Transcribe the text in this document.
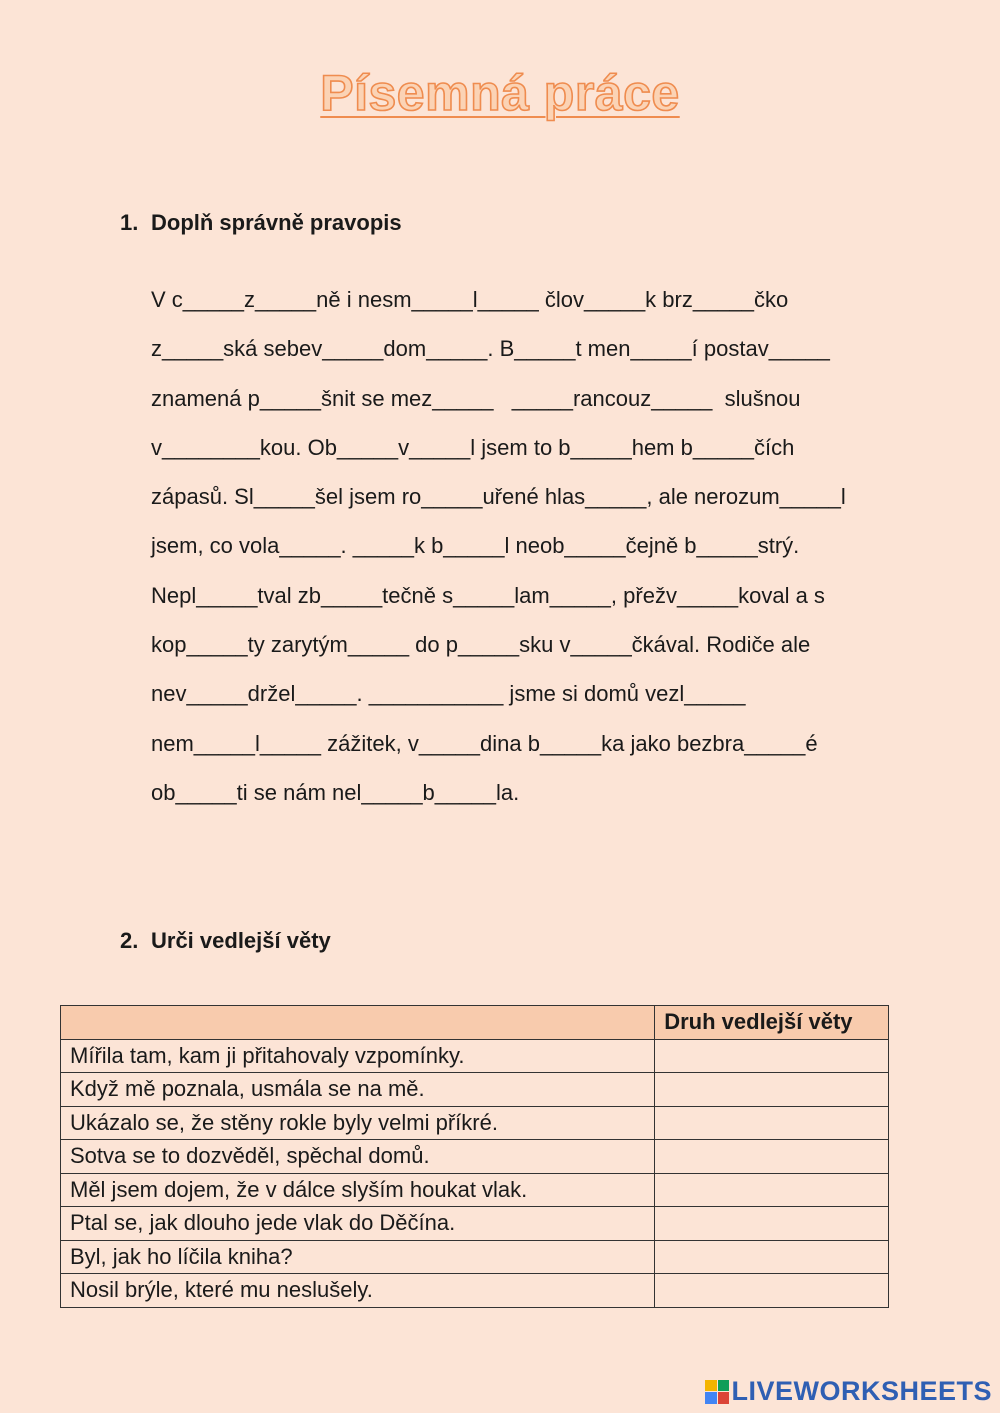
Písemná práce
1. Doplň správně pravopis
V c_____z_____ně i nesm_____l_____ člov_____k brz_____čko
z_____ská sebev_____dom_____. B_____t men_____í postav_____
znamená p_____šnit se mez_____   _____rancouz_____  slušnou
v________kou. Ob_____v_____l jsem to b_____hem b_____čích
zápasů. Sl_____šel jsem ro_____uřené hlas_____, ale nerozum_____l
jsem, co vola_____. _____k b_____l neob_____čejně b_____strý.
Nepl_____tval zb_____tečně s_____lam_____, přežv_____koval a s
kop_____ty zarytým_____ do p_____sku v_____čkával. Rodiče ale
nev_____držel_____. ___________ jsme si domů vezl_____
nem_____l_____ zážitek, v_____dina b_____ka jako bezbra_____é
ob_____ti se nám nel_____b_____la.
2. Urči vedlejší věty
	Druh vedlejší věty
Mířila tam, kam ji přitahovaly vzpomínky.	
Když mě poznala, usmála se na mě.	
Ukázalo se, že stěny rokle byly velmi příkré.	
Sotva se to dozvěděl, spěchal domů.	
Měl jsem dojem, že v dálce slyším houkat vlak.	
Ptal se, jak dlouho jede vlak do Děčína.	
Byl, jak ho líčila kniha?	
Nosil brýle, které mu neslušely.	
LIVEWORKSHEETS
